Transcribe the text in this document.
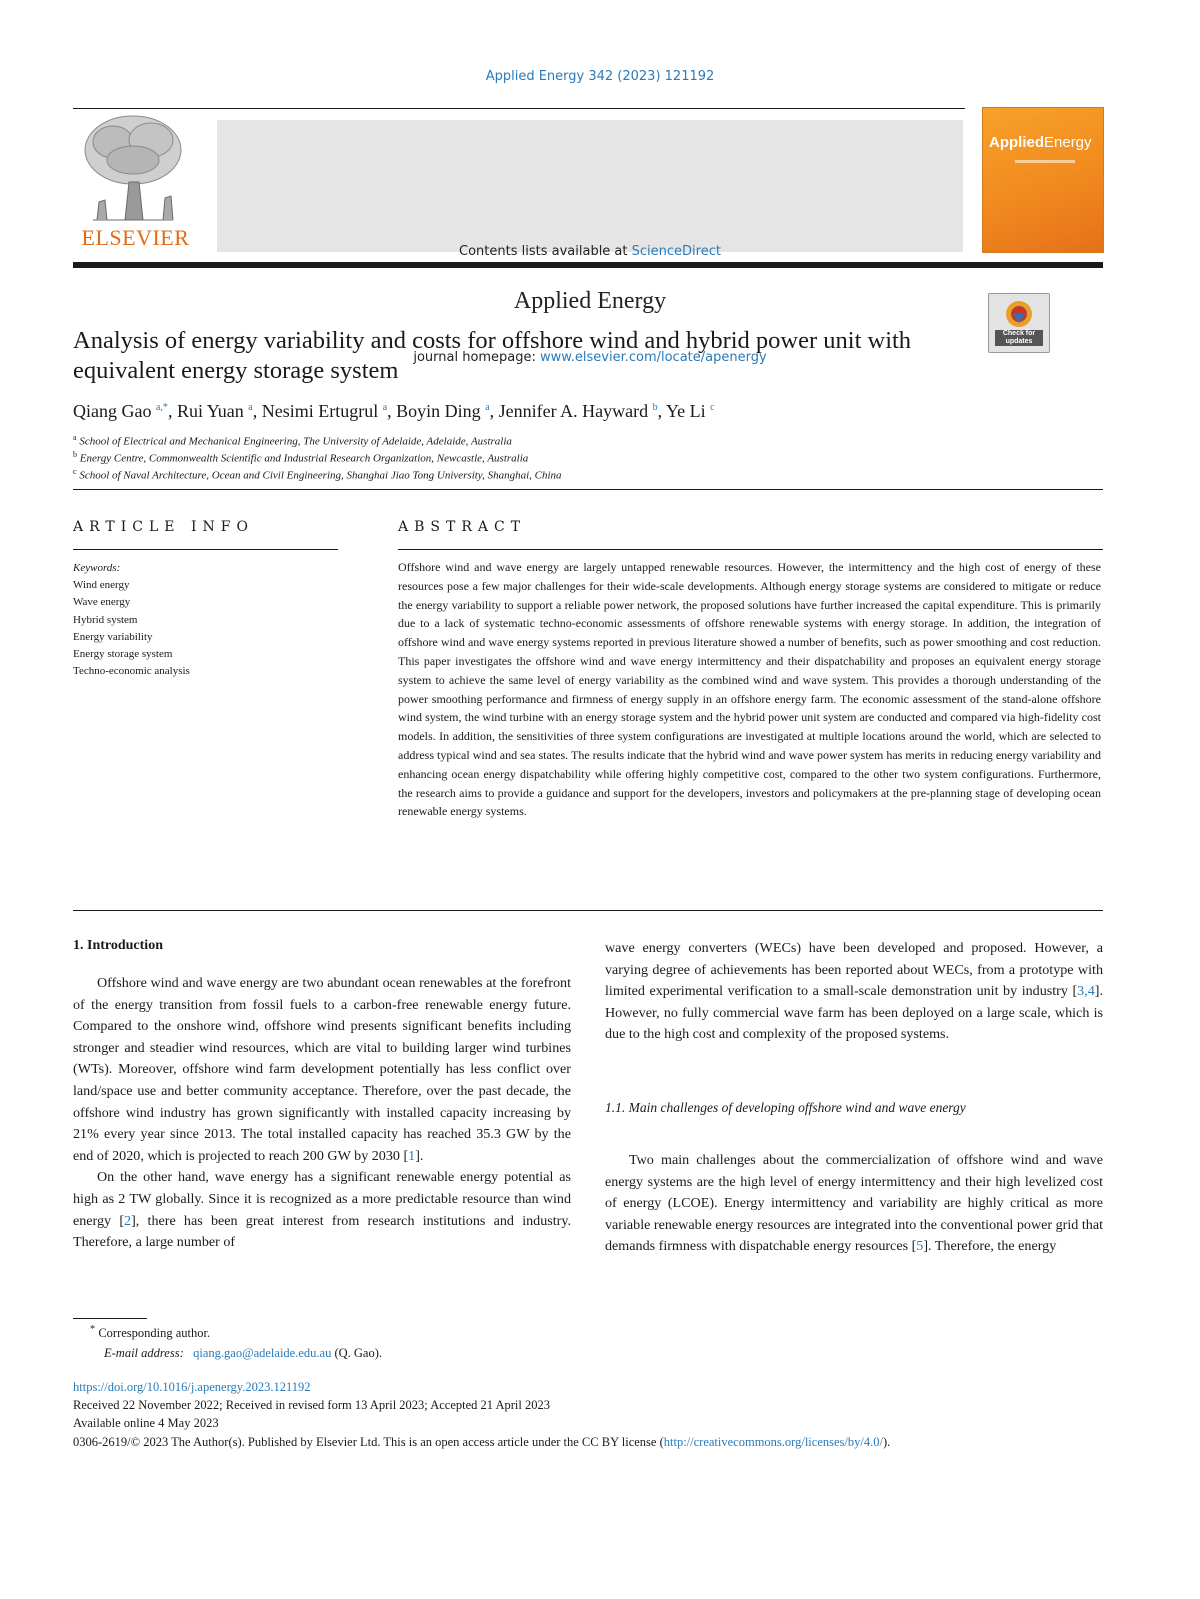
Applied Energy 342 (2023) 121192
ELSEVIER
Contents lists available at ScienceDirect
Applied Energy
journal homepage: www.elsevier.com/locate/apenergy
AppliedEnergy
Analysis of energy variability and costs for offshore wind and hybrid power unit with equivalent energy storage system
Check for updates
Qiang Gao $^{a,*}$, Rui Yuan $^a$, Nesimi Ertugrul $^a$, Boyin Ding $^a$, Jennifer A. Hayward $^b$, Ye Li $^c$
$^a$ School of Electrical and Mechanical Engineering, The University of Adelaide, Adelaide, Australia
$^b$ Energy Centre, Commonwealth Scientific and Industrial Research Organization, Newcastle, Australia
$^c$ School of Naval Architecture, Ocean and Civil Engineering, Shanghai Jiao Tong University, Shanghai, China
ARTICLE INFO
Keywords:
Wind energy
Wave energy
Hybrid system
Energy variability
Energy storage system
Techno-economic analysis
ABSTRACT
Offshore wind and wave energy are largely untapped renewable resources. However, the intermittency and the high cost of energy of these resources pose a few major challenges for their wide-scale developments. Although energy storage systems are considered to mitigate or reduce the energy variability to support a reliable power network, the proposed solutions have further increased the capital expenditure. This is primarily due to a lack of systematic techno-economic assessments of offshore renewable systems with energy storage. In addition, the integration of offshore wind and wave energy systems reported in previous literature showed a number of benefits, such as power smoothing and cost reduction. This paper investigates the offshore wind and wave energy intermittency and their dispatchability and proposes an equivalent energy storage system to achieve the same level of energy variability as the combined wind and wave system. This provides a thorough understanding of the power smoothing performance and firmness of energy supply in an offshore energy farm. The economic assessment of the stand-alone offshore wind system, the wind turbine with an energy storage system and the hybrid power unit system are conducted and compared via high-fidelity cost models. In addition, the sensitivities of three system configurations are investigated at multiple locations around the world, which are selected to address typical wind and sea states. The results indicate that the hybrid wind and wave power system has merits in reducing energy variability and enhancing ocean energy dispatchability while offering highly competitive cost, compared to the other two system configurations. Furthermore, the research aims to provide a guidance and support for the developers, investors and policymakers at the pre-planning stage of developing ocean renewable energy systems.
1. Introduction

Offshore wind and wave energy are two abundant ocean renewables at the forefront of the energy transition from fossil fuels to a carbon-free renewable energy future. Compared to the onshore wind, offshore wind presents significant benefits including stronger and steadier wind resources, which are vital to building larger wind turbines (WTs). Moreover, offshore wind farm development potentially has less conflict over land/space use and better community acceptance. Therefore, over the past decade, the offshore wind industry has grown significantly with installed capacity increasing by 21% every year since 2013. The total installed capacity has reached 35.3 GW by the end of 2020, which is projected to reach 200 GW by 2030 [1].

On the other hand, wave energy has a significant renewable energy potential as high as 2 TW globally. Since it is recognized as a more predictable resource than wind energy [2], there has been great interest from research institutions and industry. Therefore, a large number of

wave energy converters (WECs) have been developed and proposed. However, a varying degree of achievements has been reported about WECs, from a prototype with limited experimental verification to a small-scale demonstration unit by industry [3,4]. However, no fully commercial wave farm has been deployed on a large scale, which is due to the high cost and complexity of the proposed systems.

1.1. Main challenges of developing offshore wind and wave energy

Two main challenges about the commercialization of offshore wind and wave energy systems are the high level of energy intermittency and their high levelized cost of energy (LCOE). Energy intermittency and variability are highly critical as more variable renewable energy resources are integrated into the conventional power grid that demands firmness with dispatchable energy resources [5]. Therefore, the energy

* Corresponding author.
E-mail address: qiang.gao@adelaide.edu.au (Q. Gao).
https://doi.org/10.1016/j.apenergy.2023.121192
Received 22 November 2022; Received in revised form 13 April 2023; Accepted 21 April 2023
Available online 4 May 2023
0306-2619/© 2023 The Author(s). Published by Elsevier Ltd. This is an open access article under the CC BY license (http://creativecommons.org/licenses/by/4.0/).
